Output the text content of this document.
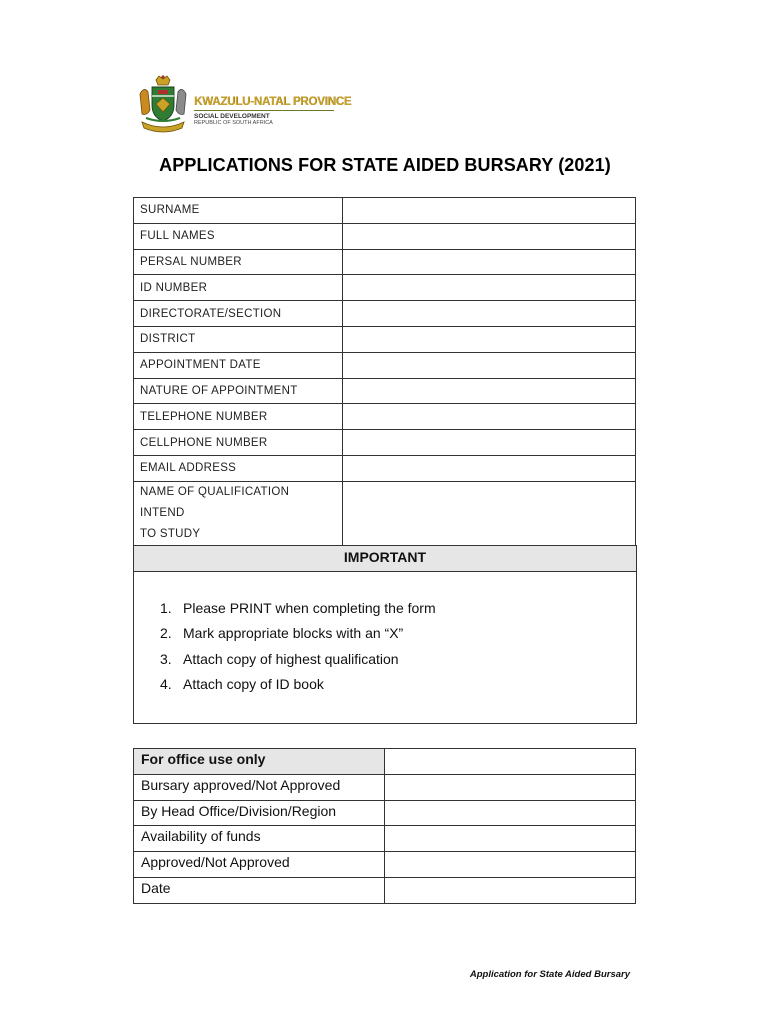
KWAZULU-NATAL PROVINCE
SOCIAL DEVELOPMENT
REPUBLIC OF SOUTH AFRICA
APPLICATIONS FOR STATE AIDED BURSARY (2021)
SURNAME	
FULL NAMES	
PERSAL NUMBER	
ID NUMBER	
DIRECTORATE/SECTION	
DISTRICT	
APPOINTMENT DATE	
NATURE OF APPOINTMENT	
TELEPHONE NUMBER	
CELLPHONE NUMBER	
EMAIL ADDRESS	

NAME OF QUALIFICATION INTEND
TO STUDY	

IMPORTANT
1. Please PRINT when completing the form
2. Mark appropriate blocks with an “X”
3. Attach copy of highest qualification
4. Attach copy of ID book
For office use only	
Bursary approved/Not Approved	
By Head Office/Division/Region	
Availability of funds	
Approved/Not Approved	
Date	
Application for State Aided Bursary
